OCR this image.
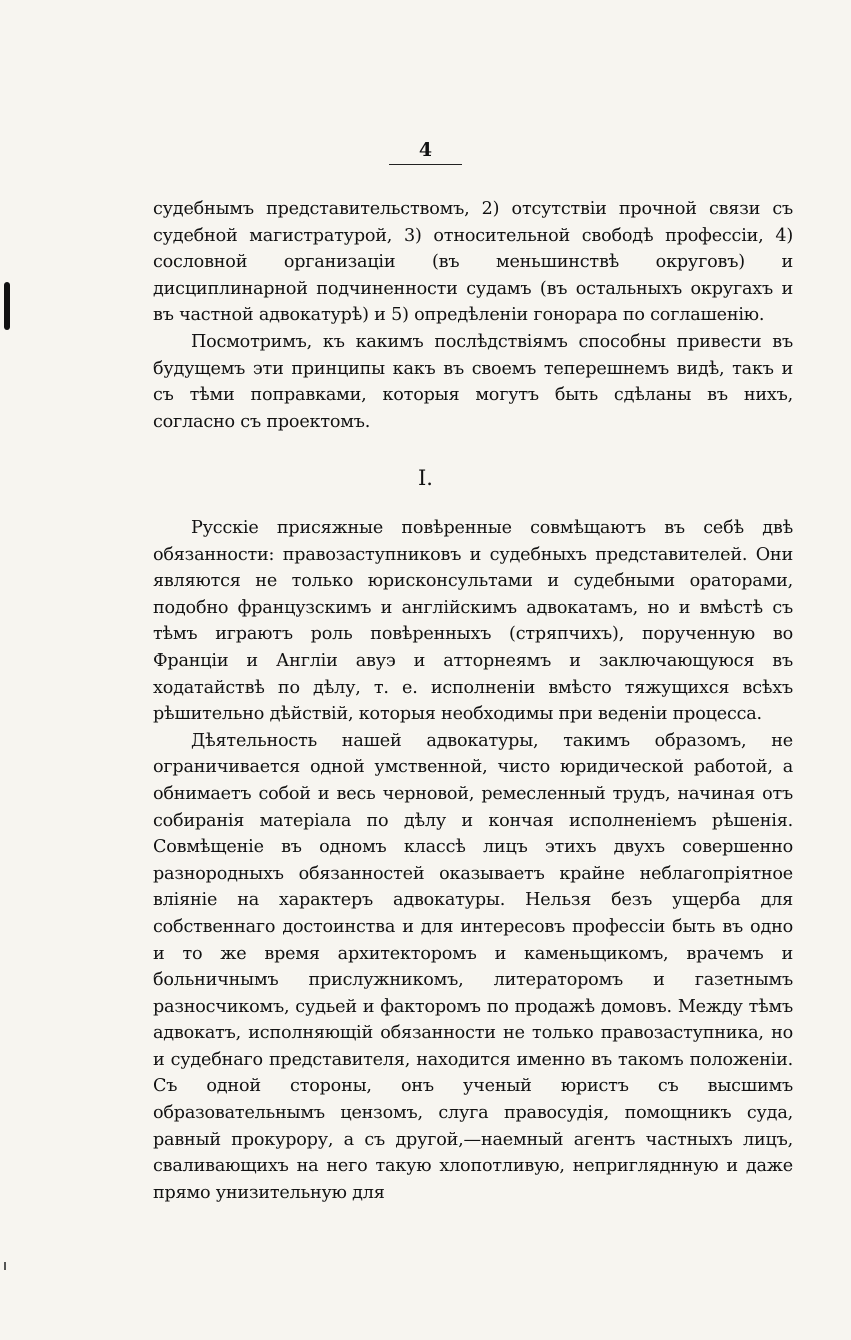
4

судебнымъ представительствомъ, 2) отсутствіи прочной связи съ судебной магистратурой, 3) относительной свободѣ профессіи, 4) сословной организаціи (въ меньшинствѣ округовъ) и дисциплинарной подчиненности судамъ (въ остальныхъ округахъ и въ частной адвокатурѣ) и 5) опредѣленіи гонорара по соглашенію.

Посмотримъ, къ какимъ послѣдствіямъ способны привести въ будущемъ эти принципы какъ въ своемъ теперешнемъ видѣ, такъ и съ тѣми поправками, которыя могутъ быть сдѣланы въ нихъ, согласно съ проектомъ.

I.

Русскіе присяжные повѣренные совмѣщаютъ въ себѣ двѣ обязанности: правозаступниковъ и судебныхъ представителей. Они являются не только юрисконсультами и судебными ораторами, подобно французскимъ и англійскимъ адвокатамъ, но и вмѣстѣ съ тѣмъ играютъ роль повѣренныхъ (стряпчихъ), порученную во Франціи и Англіи авуэ и атторнеямъ и заключающуюся въ ходатайствѣ по дѣлу, т. е. исполненіи вмѣсто тяжущихся всѣхъ рѣшительно дѣйствій, которыя необходимы при веденіи процесса.

Дѣятельность нашей адвокатуры, такимъ образомъ, не ограничивается одной умственной, чисто юридической работой, а обнимаетъ собой и весь черновой, ремесленный трудъ, начиная отъ собиранія матеріала по дѣлу и кончая исполненіемъ рѣшенія. Совмѣщеніе въ одномъ классѣ лицъ этихъ двухъ совершенно разнородныхъ обязанностей оказываетъ крайне неблагопріятное вліяніе на характеръ адвокатуры. Нельзя безъ ущерба для собственнаго достоинства и для интересовъ профессіи быть въ одно и то же время архитекторомъ и каменьщикомъ, врачемъ и больничнымъ прислужникомъ, литераторомъ и газетнымъ разносчикомъ, судьей и факторомъ по продажѣ домовъ. Между тѣмъ адвокатъ, исполняющій обязанности не только правозаступника, но и судебнаго представителя, находится именно въ такомъ положеніи. Съ одной стороны, онъ ученый юристъ съ высшимъ образовательнымъ цензомъ, слуга правосудія, помощникъ суда, равный прокурору, а съ другой,—наемный агентъ частныхъ лицъ, сваливающихъ на него такую хлопотливую, непригляднную и даже прямо унизительную для
